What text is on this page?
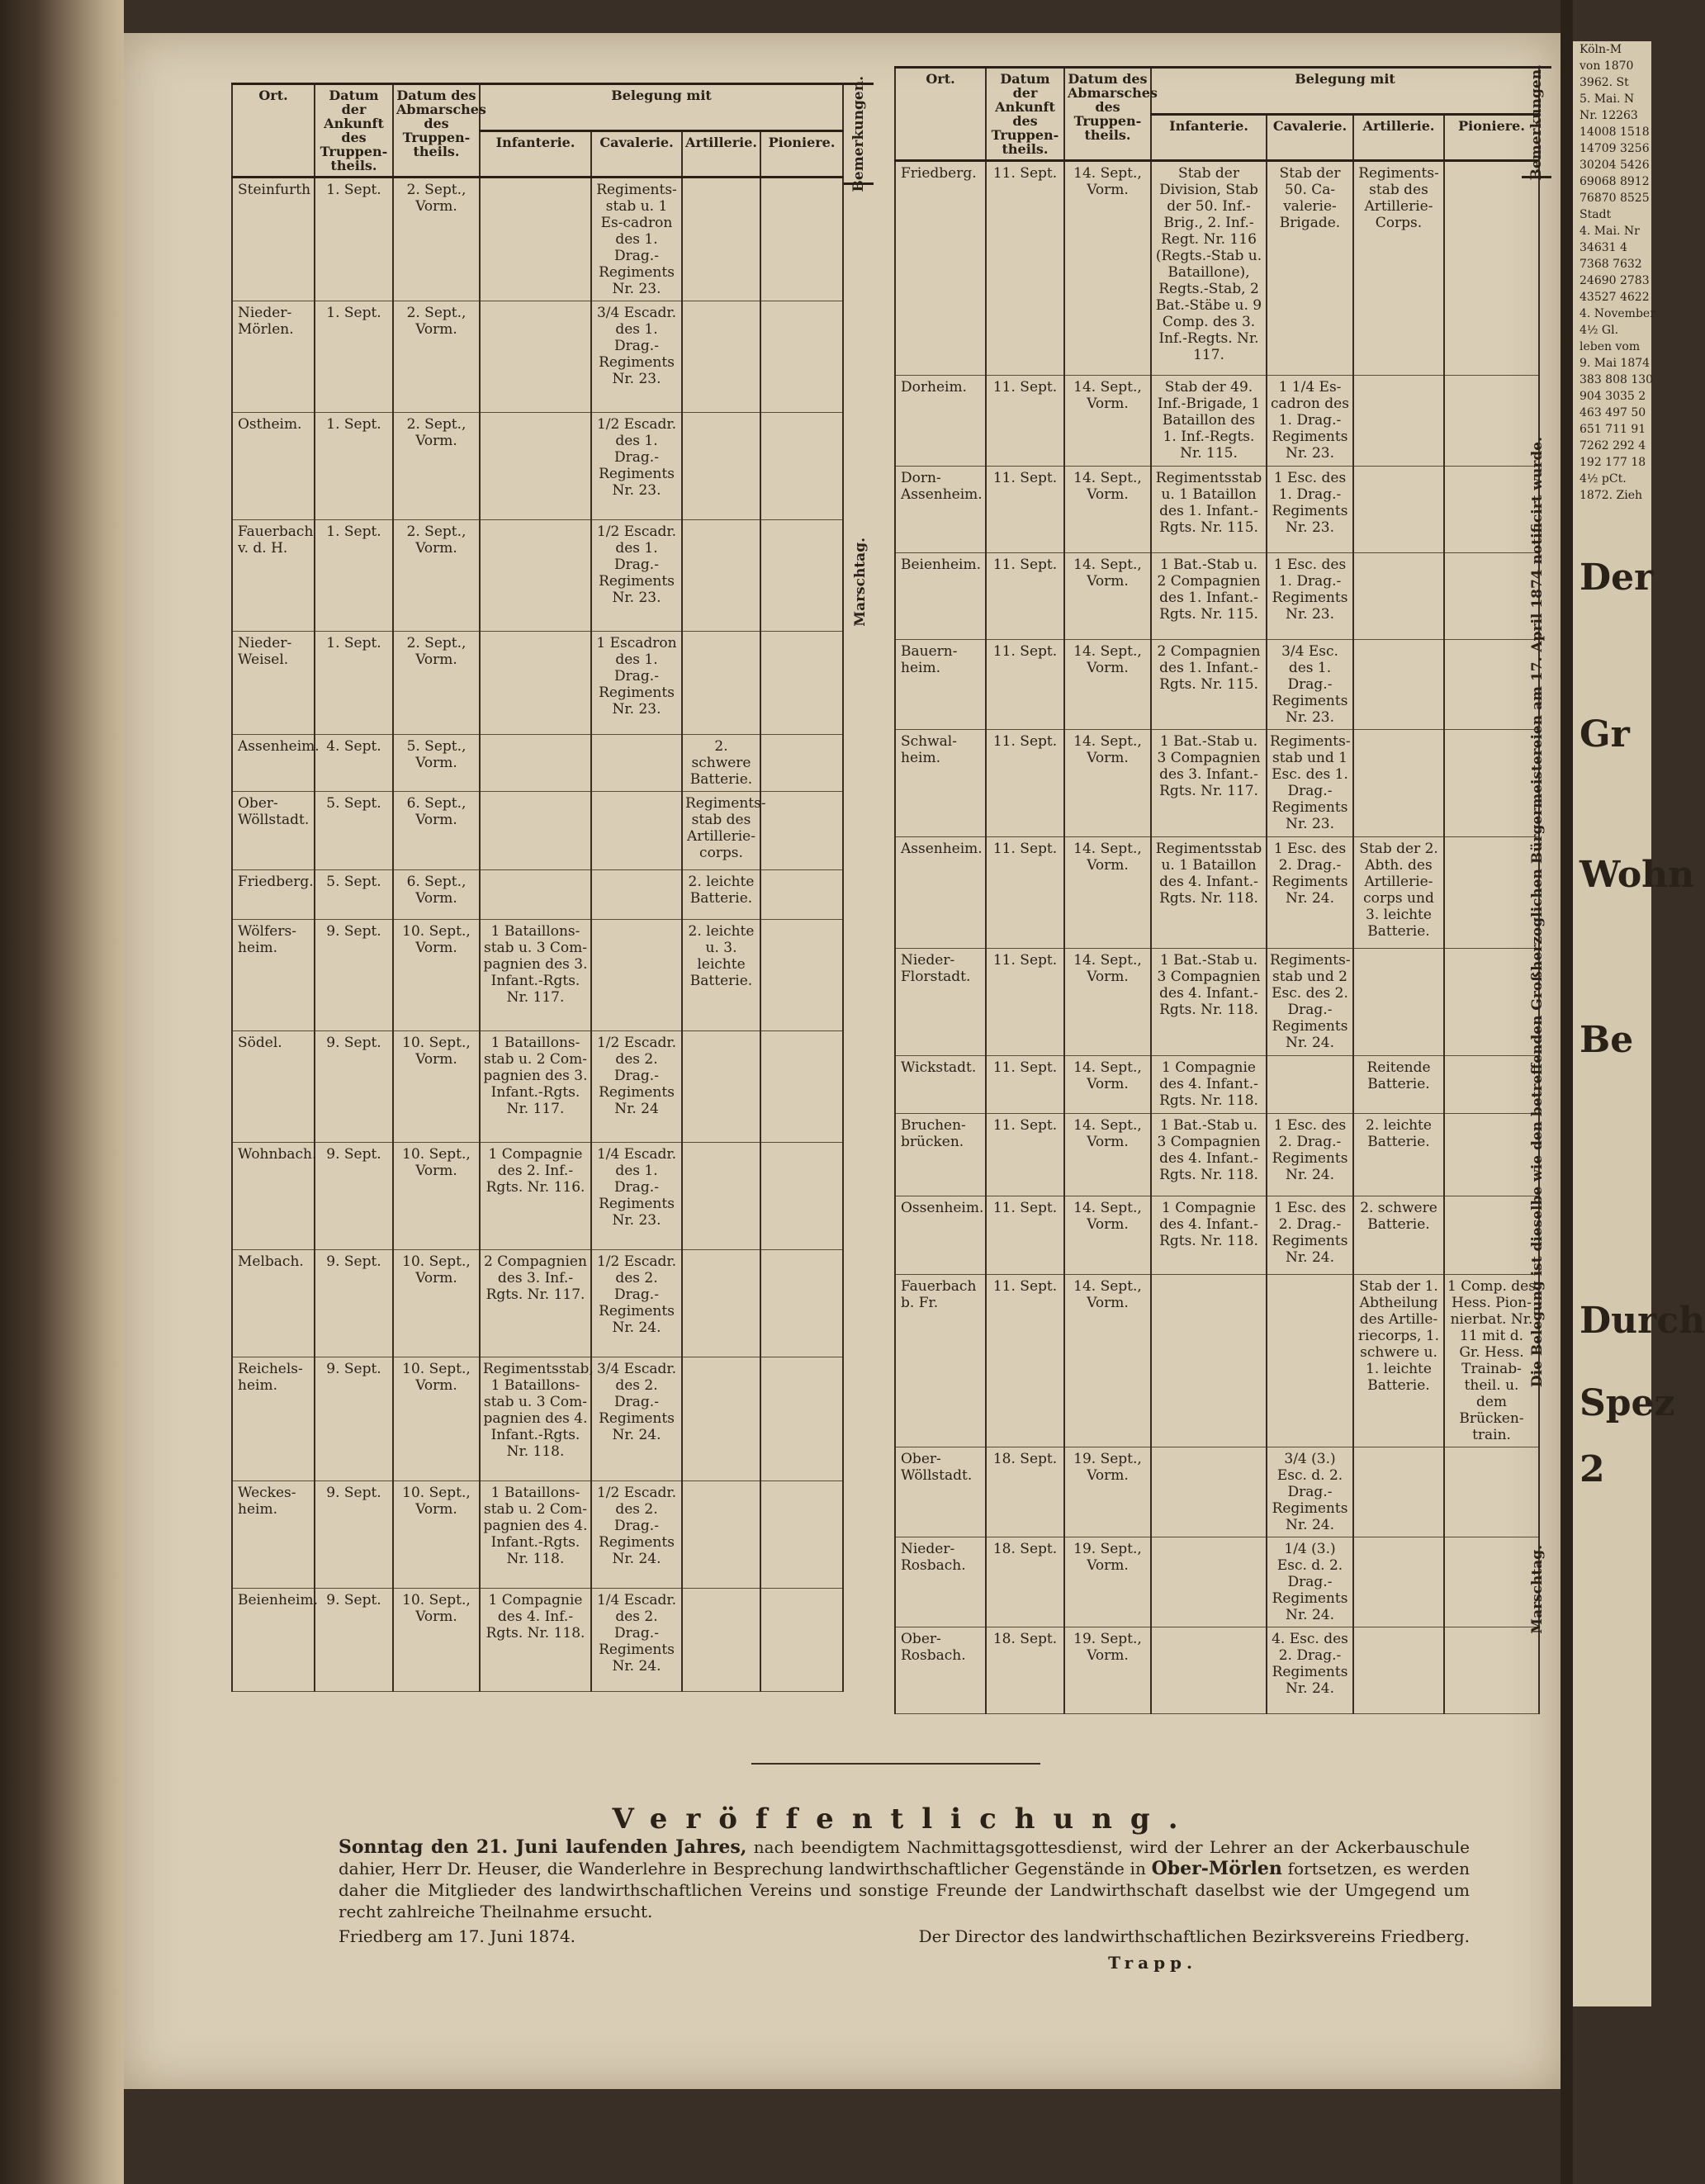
Köln-M
von 1870
3962. St
5. Mai. N
Nr. 12263
14008 1518
14709 3256
30204 5426
69068 8912
76870 8525
Stadt
4. Mai. Nr
34631 4
7368 7632
24690 2783
43527 4622
4. November
4½ Gl.
leben vom
9. Mai 1874
383 808 130
904 3035 2
463 497 50
651 711 91
7262 292 4
192 177 18
4½ pCt.
1872. Zieh
Der
Gr
Wohn
Be
Durch
Spez
2
Ort.	Datum der Ankunft des Truppen-theils.	Datum des Abmarsches des Truppen-theils.	Belegung mit			
			Infanterie.	Cavalerie.	Artillerie.	Pioniere.
Steinfurth	1. Sept.	2. Sept., Vorm.		Regiments-stab u. 1 Es-cadron des 1. Drag.-Regiments Nr. 23.		
Nieder-Mörlen.	1. Sept.	2. Sept., Vorm.		3/4 Escadr. des 1. Drag.-Regiments Nr. 23.		
Ostheim.	1. Sept.	2. Sept., Vorm.		1/2 Escadr. des 1. Drag.-Regiments Nr. 23.		
Fauerbach v. d. H.	1. Sept.	2. Sept., Vorm.		1/2 Escadr. des 1. Drag.-Regiments Nr. 23.		
Nieder-Weisel.	1. Sept.	2. Sept., Vorm.		1 Escadron des 1. Drag.-Regiments Nr. 23.		
Assenheim.	4. Sept.	5. Sept., Vorm.			2. schwere Batterie.	
Ober-Wöllstadt.	5. Sept.	6. Sept., Vorm.			Regiments-stab des Artillerie-corps.	
Friedberg.	5. Sept.	6. Sept., Vorm.			2. leichte Batterie.	
Wölfers-heim.	9. Sept.	10. Sept., Vorm.	1 Bataillons-stab u. 3 Com-pagnien des 3. Infant.-Rgts. Nr. 117.		2. leichte u. 3. leichte Batterie.	
Södel.	9. Sept.	10. Sept., Vorm.	1 Bataillons-stab u. 2 Com-pagnien des 3. Infant.-Rgts. Nr. 117.	1/2 Escadr. des 2. Drag.-Regiments Nr. 24		
Wohnbach.	9. Sept.	10. Sept., Vorm.	1 Compagnie des 2. Inf.-Rgts. Nr. 116.	1/4 Escadr. des 1. Drag.-Regiments Nr. 23.		
Melbach.	9. Sept.	10. Sept., Vorm.	2 Compagnien des 3. Inf.-Rgts. Nr. 117.	1/2 Escadr. des 2. Drag.-Regiments Nr. 24.		
Reichels-heim.	9. Sept.	10. Sept., Vorm.	Regimentsstab, 1 Bataillons-stab u. 3 Com-pagnien des 4. Infant.-Rgts. Nr. 118.	3/4 Escadr. des 2. Drag.-Regiments Nr. 24.		
Weckes-heim.	9. Sept.	10. Sept., Vorm.	1 Bataillons-stab u. 2 Com-pagnien des 4. Infant.-Rgts. Nr. 118.	1/2 Escadr. des 2. Drag.-Regiments Nr. 24.		
Beienheim.	9. Sept.	10. Sept., Vorm.	1 Compagnie des 4. Inf.-Rgts. Nr. 118.	1/4 Escadr. des 2. Drag.-Regiments Nr. 24.		
Bemerkungen.
Marschtag.
Ort.	Datum der Ankunft des Truppen-theils.	Datum des Abmarsches des Truppen-theils.	Belegung mit			
			Infanterie.	Cavalerie.	Artillerie.	Pioniere.
Friedberg.	11. Sept.	14. Sept., Vorm.	Stab der Division, Stab der 50. Inf.-Brig., 2. Inf.-Regt. Nr. 116 (Regts.-Stab u. Bataillone), Regts.-Stab, 2 Bat.-Stäbe u. 9 Comp. des 3. Inf.-Regts. Nr. 117.	Stab der 50. Ca-valerie-Brigade.	Regiments-stab des Artillerie-Corps.	
Dorheim.	11. Sept.	14. Sept., Vorm.	Stab der 49. Inf.-Brigade, 1 Bataillon des 1. Inf.-Regts. Nr. 115.	1 1/4 Es-cadron des 1. Drag.-Regiments Nr. 23.		
Dorn-Assenheim.	11. Sept.	14. Sept., Vorm.	Regimentsstab u. 1 Bataillon des 1. Infant.-Rgts. Nr. 115.	1 Esc. des 1. Drag.-Regiments Nr. 23.		
Beienheim.	11. Sept.	14. Sept., Vorm.	1 Bat.-Stab u. 2 Compagnien des 1. Infant.-Rgts. Nr. 115.	1 Esc. des 1. Drag.-Regiments Nr. 23.		
Bauern-heim.	11. Sept.	14. Sept., Vorm.	2 Compagnien des 1. Infant.-Rgts. Nr. 115.	3/4 Esc. des 1. Drag.-Regiments Nr. 23.		
Schwal-heim.	11. Sept.	14. Sept., Vorm.	1 Bat.-Stab u. 3 Compagnien des 3. Infant.-Rgts. Nr. 117.	Regiments-stab und 1 Esc. des 1. Drag.-Regiments Nr. 23.		
Assenheim.	11. Sept.	14. Sept., Vorm.	Regimentsstab u. 1 Bataillon des 4. Infant.-Rgts. Nr. 118.	1 Esc. des 2. Drag.-Regiments Nr. 24.	Stab der 2. Abth. des Artillerie-corps und 3. leichte Batterie.	
Nieder-Florstadt.	11. Sept.	14. Sept., Vorm.	1 Bat.-Stab u. 3 Compagnien des 4. Infant.-Rgts. Nr. 118.	Regiments-stab und 2 Esc. des 2. Drag.-Regiments Nr. 24.		
Wickstadt.	11. Sept.	14. Sept., Vorm.	1 Compagnie des 4. Infant.-Rgts. Nr. 118.		Reitende Batterie.	
Bruchen-brücken.	11. Sept.	14. Sept., Vorm.	1 Bat.-Stab u. 3 Compagnien des 4. Infant.-Rgts. Nr. 118.	1 Esc. des 2. Drag.-Regiments Nr. 24.	2. leichte Batterie.	
Ossenheim.	11. Sept.	14. Sept., Vorm.	1 Compagnie des 4. Infant.-Rgts. Nr. 118.	1 Esc. des 2. Drag.-Regiments Nr. 24.	2. schwere Batterie.	
Fauerbach b. Fr.	11. Sept.	14. Sept., Vorm.			Stab der 1. Abtheilung des Artille-riecorps, 1. schwere u. 1. leichte Batterie.	1 Comp. des Hess. Pion-nierbat. Nr. 11 mit d. Gr. Hess. Trainab-theil. u. dem Brücken-train.
Ober-Wöllstadt.	18. Sept.	19. Sept., Vorm.		3/4 (3.) Esc. d. 2. Drag.-Regiments Nr. 24.		
Nieder-Rosbach.	18. Sept.	19. Sept., Vorm.		1/4 (3.) Esc. d. 2. Drag.-Regiments Nr. 24.		
Ober-Rosbach.	18. Sept.	19. Sept., Vorm.		4. Esc. des 2. Drag.-Regiments Nr. 24.		
Bemerkungen.
Die Belegung ist dieselbe wie den betreffenden Großherzoglichen Bürgermeistereien am 17. April 1874 notificirt wurde.
Marschtag.
Veröffentlichung.
Sonntag den 21. Juni laufenden Jahres, nach beendigtem Nachmittagsgottesdienst, wird der Lehrer an der Ackerbauschule dahier, Herr Dr. Heuser, die Wanderlehre in Besprechung landwirthschaftlicher Gegenstände in Ober-Mörlen fortsetzen, es werden daher die Mitglieder des landwirthschaftlichen Vereins und sonstige Freunde der Landwirthschaft daselbst wie der Umgegend um recht zahlreiche Theilnahme ersucht.
Friedberg am 17. Juni 1874.	Der Director des landwirthschaftlichen Bezirksvereins Friedberg.
Trapp.
